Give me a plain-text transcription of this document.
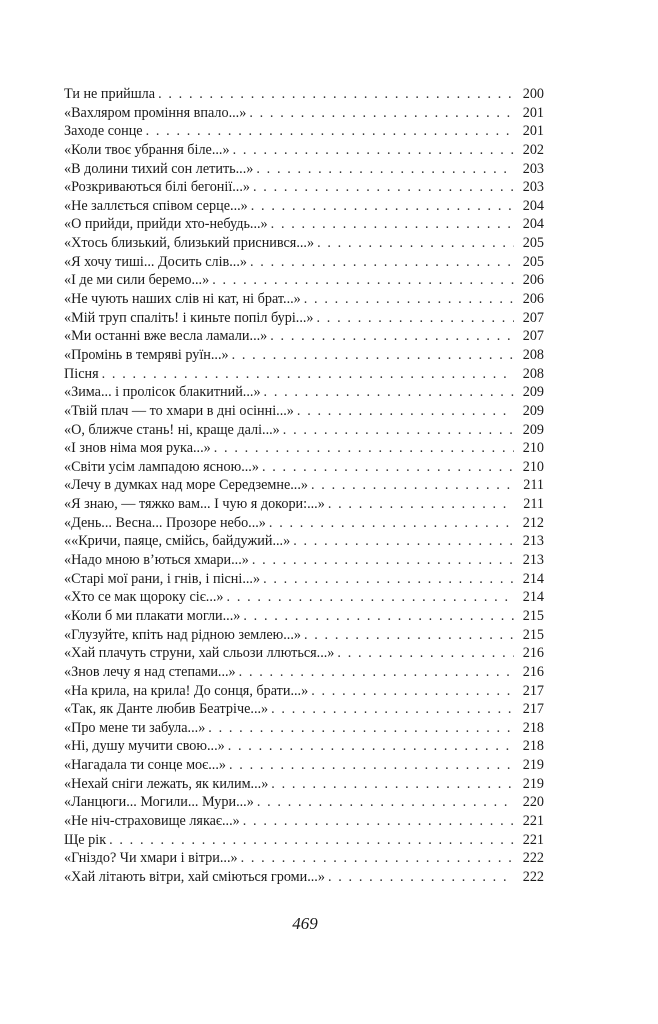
Ти не прийшла . . .	200
«Вахляром проміння впало...» . . .	201
Заходе сонце . . .	201
«Коли твоє убрання біле...» . . .	202
«В долини тихий сон летить...» . . .	203
«Розкриваються білі бегонії...» . . .	203
«Не заллється співом серце...» . . .	204
«О прийди, прийди хто-небудь...» . . .	204
«Хтось близький, близький приснився...» . . .	205
«Я хочу тиші... Досить слів...» . . .	205
«І де ми сили беремо...» . . .	206
«Не чують наших слів ні кат, ні брат...» . . .	206
«Мій труп спаліть! і киньте попіл бурі...» . . .	207
«Ми останні вже весла ламали...» . . .	207
«Промінь в темряві руїн...» . . .	208
Пісня . . .	208
«Зима... і пролісок блакитний...» . . .	209
«Твій плач — то хмари в дні осінні...» . . .	209
«О, ближче стань! ні, краще далі...» . . .	209
«І знов німа моя рука...» . . .	210
«Світи усім лампадою ясною...» . . .	210
«Лечу в думках над море Середземне...» . . .	211
«Я знаю, — тяжко вам... І чую я докори:...» . . .	211
«День... Весна... Прозоре небо...» . . .	212
««Кричи, паяце, смійсь, байдужий...» . . .	213
«Надо мною в’ються хмари...» . . .	213
«Старі мої рани, і гнів, і пісні...» . . .	214
«Хто се мак щороку сіє...» . . .	214
«Коли б ми плакати могли...» . . .	215
«Глузуйте, кпіть над рідною землею...» . . .	215
«Хай плачуть струни, хай сльози ллються...» . . .	216
«Знов лечу я над степами...» . . .	216
«На крила, на крила! До сонця, брати...» . . .	217
«Так, як Данте любив Беатріче...» . . .	217
«Про мене ти забула...» . . .	218
«Ні, душу мучити свою...» . . .	218
«Нагадала ти сонце моє...» . . .	219
«Нехай сніги лежать, як килим...» . . .	219
«Ланцюги... Могили... Мури...» . . .	220
«Не ніч-страховище лякає...» . . .	221
Ще рік . . .	221
«Гніздо? Чи хмари і вітри...» . . .	222
«Хай літають вітри, хай сміються громи...» . . .	222
469
